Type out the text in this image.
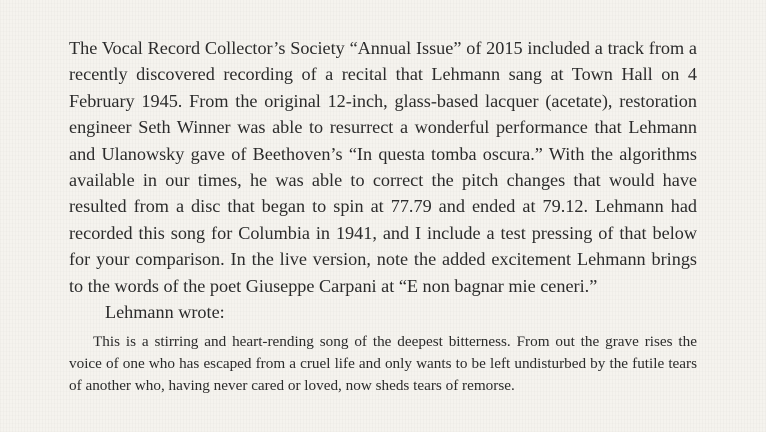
The Vocal Record Collector’s Society “Annual Issue” of 2015 included a track from a recently discovered recording of a recital that Lehmann sang at Town Hall on 4 February 1945. From the original 12-inch, glass-based lacquer (acetate), restoration engineer Seth Winner was able to resurrect a wonderful performance that Lehmann and Ulanowsky gave of Beethoven’s “In questa tomba oscura.” With the algorithms available in our times, he was able to correct the pitch changes that would have resulted from a disc that began to spin at 77.79 and ended at 79.12. Lehmann had recorded this song for Columbia in 1941, and I include a test pressing of that below for your comparison. In the live version, note the added excitement Lehmann brings to the words of the poet Giuseppe Carpani at “E non bagnar mie ceneri.”

Lehmann wrote:

This is a stirring and heart-rending song of the deepest bitterness. From out the grave rises the voice of one who has escaped from a cruel life and only wants to be left undisturbed by the futile tears of another who, having never cared or loved, now sheds tears of remorse.
